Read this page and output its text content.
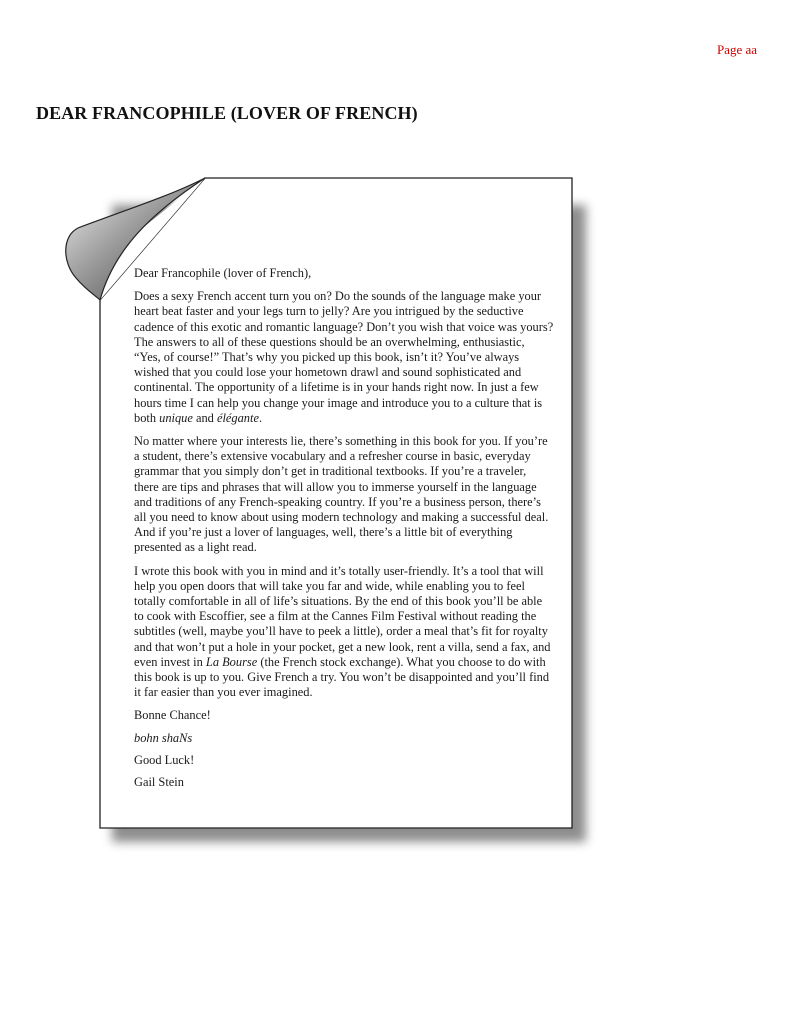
Page aa
DEAR FRANCOPHILE (LOVER OF FRENCH)

Dear Francophile (lover of French),

Does a sexy French accent turn you on? Do the sounds of the language make your heart beat faster and your legs turn to jelly? Are you intrigued by the seductive cadence of this exotic and romantic language? Don’t you wish that voice was yours? The answers to all of these questions should be an overwhelming, enthusiastic, “Yes, of course!” That’s why you picked up this book, isn’t it? You’ve always wished that you could lose your hometown drawl and sound sophisticated and continental. The opportunity of a lifetime is in your hands right now. In just a few hours time I can help you change your image and introduce you to a culture that is both unique and élégante.

No matter where your interests lie, there’s something in this book for you. If you’re a student, there’s extensive vocabulary and a refresher course in basic, everyday grammar that you simply don’t get in traditional textbooks. If you’re a traveler, there are tips and phrases that will allow you to immerse yourself in the language and traditions of any French-speaking country. If you’re a business person, there’s all you need to know about using modern technology and making a successful deal. And if you’re just a lover of languages, well, there’s a little bit of everything presented as a light read.

I wrote this book with you in mind and it’s totally user-friendly. It’s a tool that will help you open doors that will take you far and wide, while enabling you to feel totally comfortable in all of life’s situations. By the end of this book you’ll be able to cook with Escoffier, see a film at the Cannes Film Festival without reading the subtitles (well, maybe you’ll have to peek a little), order a meal that’s fit for royalty and that won’t put a hole in your pocket, get a new look, rent a villa, send a fax, and even invest in La Bourse (the French stock exchange). What you choose to do with this book is up to you. Give French a try. You won’t be disappointed and you’ll find it far easier than you ever imagined.

Bonne Chance!

bohn shaNs

Good Luck!

Gail Stein
